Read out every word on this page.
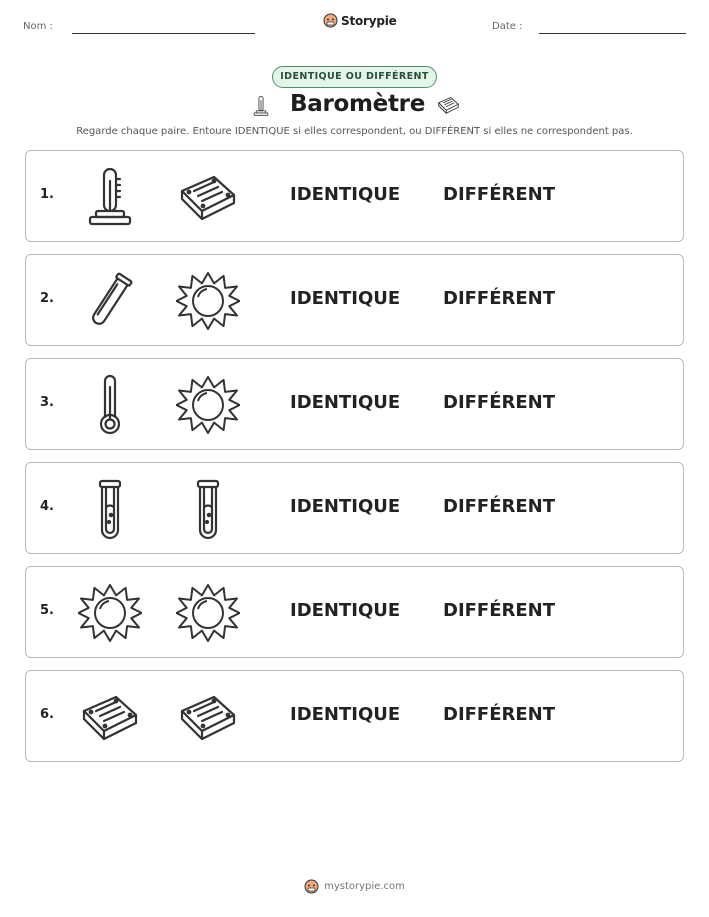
Nom :	Storypie	Date :
IDENTIQUE OU DIFFÉRENT
Baromètre
Regarde chaque paire. Entoure IDENTIQUE si elles correspondent, ou DIFFÉRENT si elles ne correspondent pas.
1.	IDENTIQUE DIFFÉRENT
2.	IDENTIQUE DIFFÉRENT
3.	IDENTIQUE DIFFÉRENT
4.	IDENTIQUE DIFFÉRENT
5.	IDENTIQUE DIFFÉRENT
6.	IDENTIQUE DIFFÉRENT
mystorypie.com
